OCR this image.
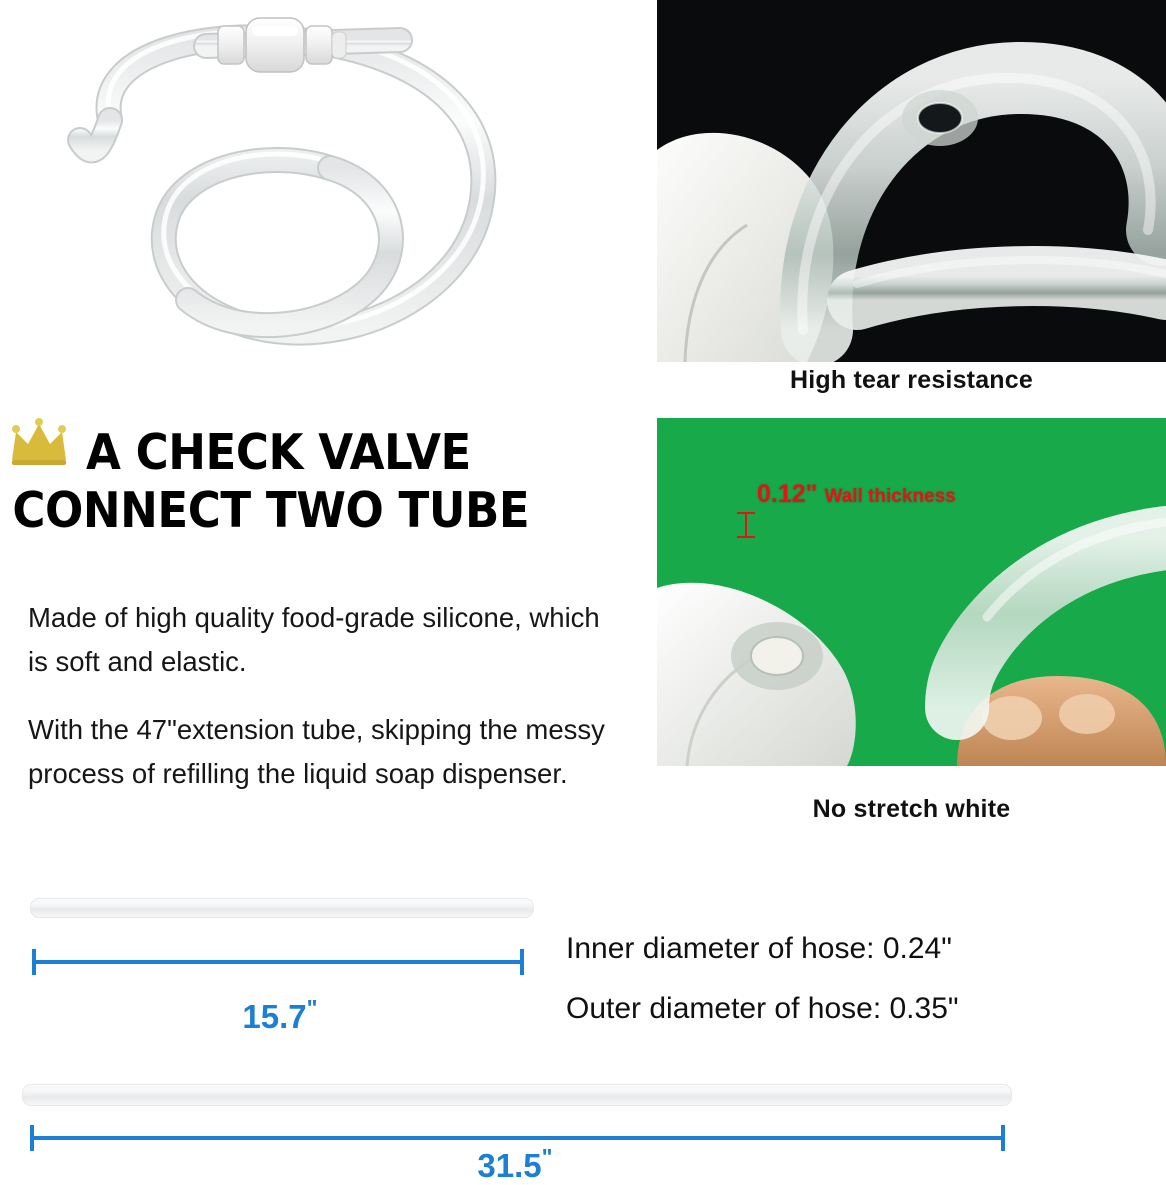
High tear resistance
0.12" Wall thickness
No stretch white
A CHECK VALVE
CONNECT TWO TUBE
Made of high quality food-grade silicone, which is soft and elastic.
With the 47"extension tube, skipping the messy process of refilling the liquid soap dispenser.
15.7"
Inner diameter of hose: 0.24"
Outer diameter of hose: 0.35"
31.5"
